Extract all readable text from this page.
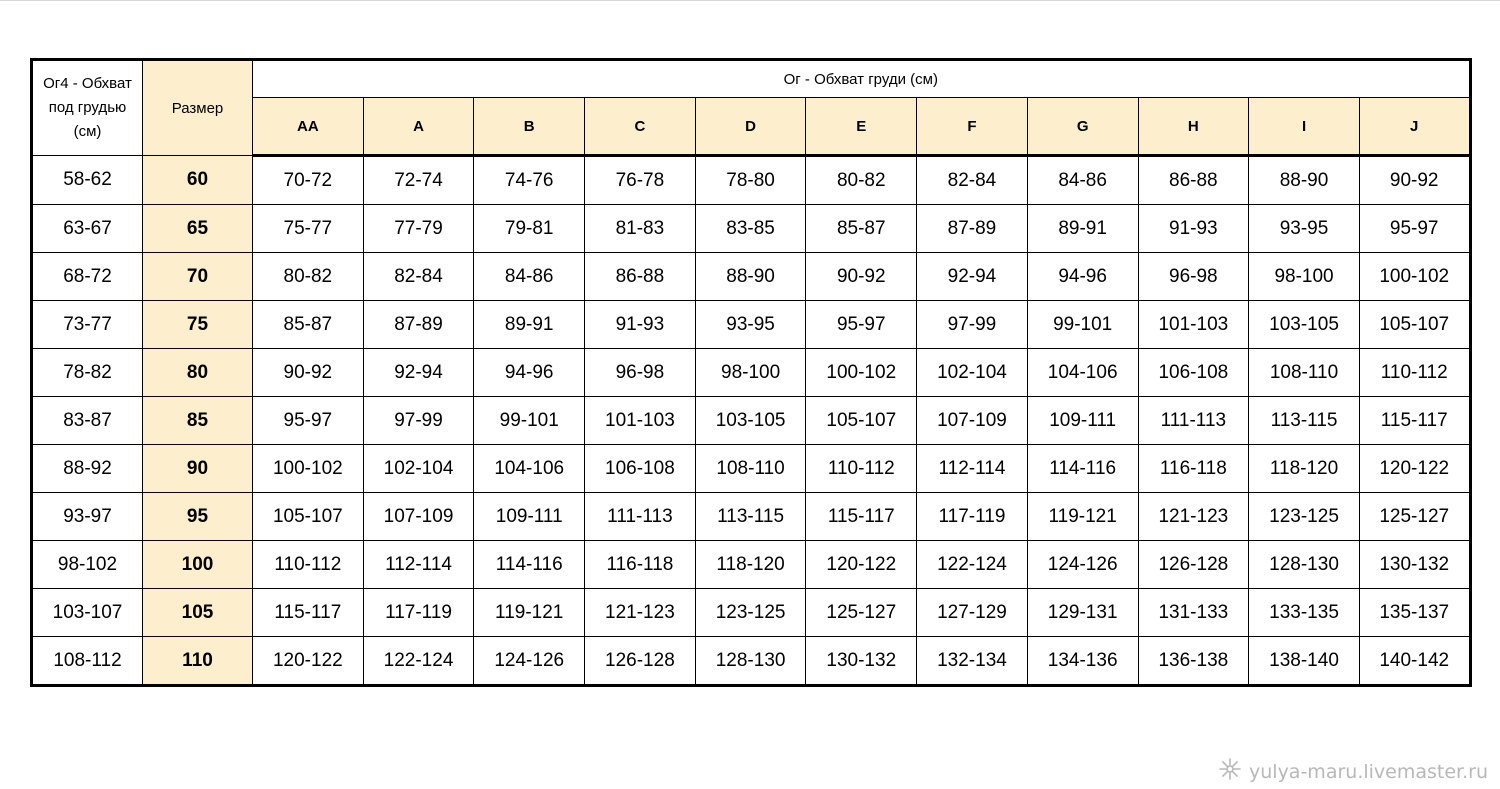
Ог4 - Обхват под грудью (см)	Размер	Ог - Обхват груди (см)										
		AA	A	B	C	D	E	F	G	H	I	J
58-62	60	70-72	72-74	74-76	76-78	78-80	80-82	82-84	84-86	86-88	88-90	90-92
63-67	65	75-77	77-79	79-81	81-83	83-85	85-87	87-89	89-91	91-93	93-95	95-97
68-72	70	80-82	82-84	84-86	86-88	88-90	90-92	92-94	94-96	96-98	98-100	100-102
73-77	75	85-87	87-89	89-91	91-93	93-95	95-97	97-99	99-101	101-103	103-105	105-107
78-82	80	90-92	92-94	94-96	96-98	98-100	100-102	102-104	104-106	106-108	108-110	110-112
83-87	85	95-97	97-99	99-101	101-103	103-105	105-107	107-109	109-111	111-113	113-115	115-117
88-92	90	100-102	102-104	104-106	106-108	108-110	110-112	112-114	114-116	116-118	118-120	120-122
93-97	95	105-107	107-109	109-111	111-113	113-115	115-117	117-119	119-121	121-123	123-125	125-127
98-102	100	110-112	112-114	114-116	116-118	118-120	120-122	122-124	124-126	126-128	128-130	130-132
103-107	105	115-117	117-119	119-121	121-123	123-125	125-127	127-129	129-131	131-133	133-135	135-137
108-112	110	120-122	122-124	124-126	126-128	128-130	130-132	132-134	134-136	136-138	138-140	140-142
yulya-maru.livemaster.ru
